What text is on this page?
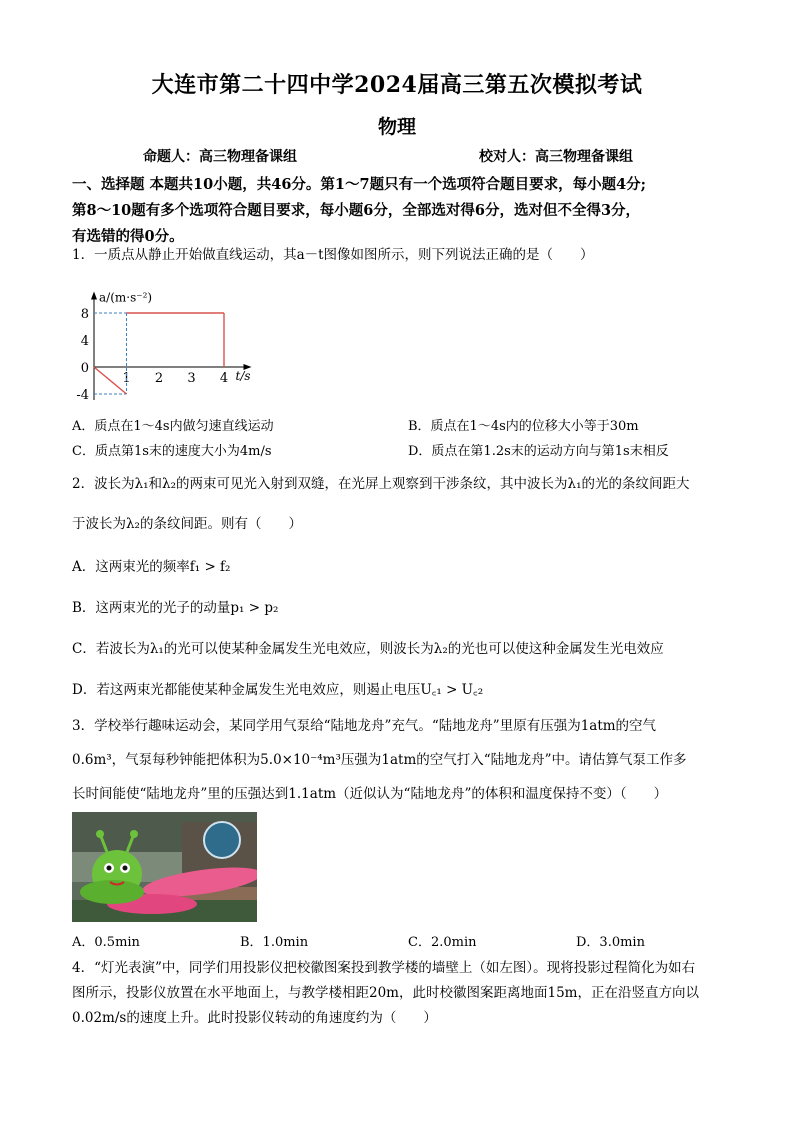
大连市第二十四中学2024届高三第五次模拟考试
物理
命题人：高三物理备课组	校对人：高三物理备课组
一、选择题 本题共10小题，共46分。第1～7题只有一个选项符合题目要求，每小题4分;
第8～10题有多个选项符合题目要求，每小题6分，全部选对得6分，选对但不全得3分，
有选错的得0分。
1．一质点从静止开始做直线运动，其a－t图像如图所示，则下列说法正确的是（　　）
a/(m·s⁻²)
t/s
8
4
0
-4
1 2 3 4
A．质点在1～4s内做匀速直线运动	B．质点在1～4s内的位移大小等于30m
C．质点第1s末的速度大小为4m/s	D．质点在第1.2s末的运动方向与第1s末相反
2．波长为λ₁和λ₂的两束可见光入射到双缝，在光屏上观察到干涉条纹，其中波长为λ₁的光的条纹间距大
于波长为λ₂的条纹间距。则有（　　）
A．这两束光的频率f₁ > f₂
B．这两束光的光子的动量p₁ > p₂
C．若波长为λ₁的光可以使某种金属发生光电效应，则波长为λ₂的光也可以使这种金属发生光电效应
D．若这两束光都能使某种金属发生光电效应，则遏止电压U꜀₁ > U꜀₂
3．学校举行趣味运动会，某同学用气泵给“陆地龙舟”充气。“陆地龙舟”里原有压强为1atm的空气
0.6m³，气泵每秒钟能把体积为5.0×10⁻⁴m³压强为1atm的空气打入“陆地龙舟”中。请估算气泵工作多
长时间能使“陆地龙舟”里的压强达到1.1atm（近似认为“陆地龙舟”的体积和温度保持不变）（　　）
A．0.5min	B．1.0min	C．2.0min	D．3.0min
4．“灯光表演”中，同学们用投影仪把校徽图案投到教学楼的墙壁上（如左图）。现将投影过程简化为如右
图所示，投影仪放置在水平地面上，与教学楼相距20m，此时校徽图案距离地面15m，正在沿竖直方向以
0.02m/s的速度上升。此时投影仪转动的角速度约为（　　）
